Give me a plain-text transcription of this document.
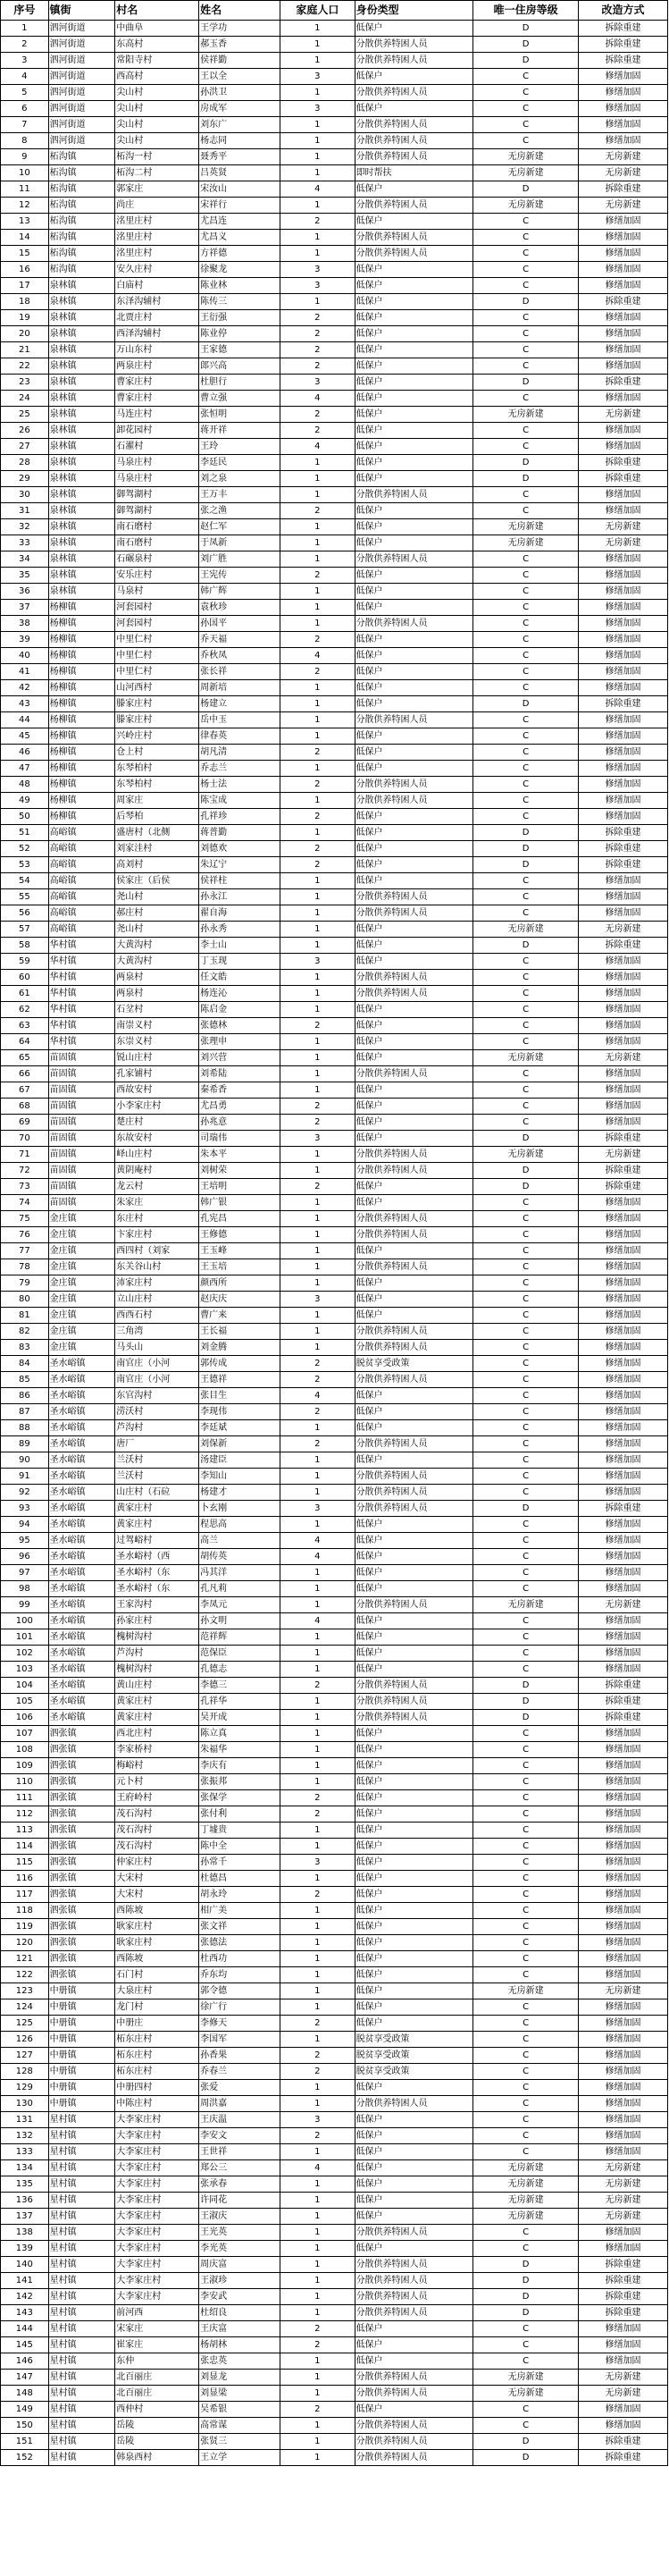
序号	镇街	村名	姓名	家庭人口	身份类型	唯一住房等级	改造方式
1	泗河街道	中曲阜	王学功	1	低保户	D	拆除重建
2	泗河街道	东高村	郝玉香	1	分散供养特困人员	D	拆除重建
3	泗河街道	常阳寺村	侯祥勤	1	分散供养特困人员	D	拆除重建
4	泗河街道	西高村	王以全	3	低保户	C	修缮加固
5	泗河街道	尖山村	孙洪卫	1	分散供养特困人员	C	修缮加固
6	泗河街道	尖山村	房成军	3	低保户	C	修缮加固
7	泗河街道	尖山村	刘东广	1	分散供养特困人员	C	修缮加固
8	泗河街道	尖山村	杨志同	1	分散供养特困人员	C	修缮加固
9	柘沟镇	柘沟一村	聂秀平	1	分散供养特困人员	无房新建	无房新建
10	柘沟镇	柘沟二村	吕英贤	1	即时帮扶	无房新建	无房新建
11	柘沟镇	郭家庄	宋汝山	4	低保户	D	拆除重建
12	柘沟镇	尚庄	宋祥行	1	分散供养特困人员	无房新建	无房新建
13	柘沟镇	洺里庄村	尤昌连	2	低保户	C	修缮加固
14	柘沟镇	洺里庄村	尤昌义	1	分散供养特困人员	C	修缮加固
15	柘沟镇	洺里庄村	方祥德	1	分散供养特困人员	C	修缮加固
16	柘沟镇	安久庄村	徐聚龙	3	低保户	C	修缮加固
17	泉林镇	白庙村	陈业林	3	低保户	C	修缮加固
18	泉林镇	东泽沟辅村	陈传三	1	低保户	D	拆除重建
19	泉林镇	北贾庄村	王衍强	2	低保户	C	修缮加固
20	泉林镇	西泽沟辅村	陈业停	2	低保户	C	修缮加固
21	泉林镇	万山东村	王家德	2	低保户	C	修缮加固
22	泉林镇	两泉庄村	郎兴高	2	低保户	C	修缮加固
23	泉林镇	曹家庄村	杜胆行	3	低保户	D	拆除重建
24	泉林镇	曹家庄村	曹立强	4	低保户	C	修缮加固
25	泉林镇	马连庄村	张恒明	2	低保户	无房新建	无房新建
26	泉林镇	卸花园村	蒋开祥	2	低保户	C	修缮加固
27	泉林镇	石濯村	王玲	4	低保户	C	修缮加固
28	泉林镇	马泉庄村	李廷民	1	低保户	D	拆除重建
29	泉林镇	马泉庄村	刘之泉	1	低保户	D	拆除重建
30	泉林镇	御驾湖村	王万丰	1	分散供养特困人员	C	修缮加固
31	泉林镇	御驾湖村	张之渔	2	低保户	C	修缮加固
32	泉林镇	南石磨村	赵仁军	1	低保户	无房新建	无房新建
33	泉林镇	南石磨村	于凤新	1	低保户	无房新建	无房新建
34	泉林镇	石碾泉村	刘广胜	1	分散供养特困人员	C	修缮加固
35	泉林镇	安乐庄村	王宪传	2	低保户	C	修缮加固
36	泉林镇	马泉村	韩广辉	1	低保户	C	修缮加固
37	杨柳镇	河套园村	袁秋珍	1	低保户	C	修缮加固
38	杨柳镇	河套园村	孙国平	1	分散供养特困人员	C	修缮加固
39	杨柳镇	中里仁村	乔天福	2	低保户	C	修缮加固
40	杨柳镇	中里仁村	乔秋凤	4	低保户	C	修缮加固
41	杨柳镇	中里仁村	张长祥	2	低保户	C	修缮加固
42	杨柳镇	山河西村	周新培	1	低保户	C	修缮加固
43	杨柳镇	滕家庄村	杨建立	1	低保户	D	拆除重建
44	杨柳镇	滕家庄村	岳中玉	1	分散供养特困人员	C	修缮加固
45	杨柳镇	兴岭庄村	律春英	1	低保户	C	修缮加固
46	杨柳镇	仓上村	胡凡清	2	低保户	C	修缮加固
47	杨柳镇	东琴柏村	乔志兰	1	低保户	C	修缮加固
48	杨柳镇	东琴柏村	杨士法	2	分散供养特困人员	C	修缮加固
49	杨柳镇	周家庄	陈宝成	1	分散供养特困人员	C	修缮加固
50	杨柳镇	后琴柏	孔祥珍	2	低保户	C	修缮加固
51	高峪镇	盛唐村（北侧	蒋普勤	1	低保户	D	拆除重建
52	高峪镇	刘家洼村	刘德欢	2	低保户	D	拆除重建
53	高峪镇	高刘村	朱辽宁	2	低保户	D	拆除重建
54	高峪镇	侯家庄（后侯	侯祥柱	1	低保户	C	修缮加固
55	高峪镇	尧山村	孙永江	1	分散供养特困人员	C	修缮加固
56	高峪镇	郝庄村	翟自海	1	分散供养特困人员	C	修缮加固
57	高峪镇	尧山村	孙永秀	1	低保户	无房新建	无房新建
58	华村镇	大黄沟村	李士山	1	低保户	D	拆除重建
59	华村镇	大黄沟村	丁玉现	3	低保户	C	修缮加固
60	华村镇	两泉村	任文皓	1	分散供养特困人员	C	修缮加固
61	华村镇	两泉村	杨连沁	1	分散供养特困人员	C	修缮加固
62	华村镇	石坌村	陈启金	1	低保户	C	修缮加固
63	华村镇	南崇义村	张德林	2	低保户	C	修缮加固
64	华村镇	东崇义村	张理申	1	低保户	C	修缮加固
65	苗固镇	锐山庄村	刘兴营	1	低保户	无房新建	无房新建
66	苗固镇	孔家铺村	刘希陆	1	分散供养特困人员	C	修缮加固
67	苗固镇	西故安村	秦希香	1	低保户	C	修缮加固
68	苗固镇	小李家庄村	尤昌勇	2	低保户	C	修缮加固
69	苗固镇	楚庄村	孙兆意	2	低保户	C	修缮加固
70	苗固镇	东故安村	司瑞伟	3	低保户	D	拆除重建
71	苗固镇	峄山庄村	朱本平	1	分散供养特困人员	无房新建	无房新建
72	苗固镇	黄阴庵村	刘树荣	1	分散供养特困人员	D	拆除重建
73	苗固镇	龙云村	王培明	2	低保户	D	拆除重建
74	苗固镇	朱家庄	韩广银	1	低保户	C	修缮加固
75	金庄镇	东庄村	孔宪昌	1	分散供养特困人员	C	修缮加固
76	金庄镇	卞家庄村	王修德	1	分散供养特困人员	C	修缮加固
77	金庄镇	西四村（刘家	王玉峰	1	低保户	C	修缮加固
78	金庄镇	东关谷山村	王玉培	1	分散供养特困人员	C	修缮加固
79	金庄镇	沛家庄村	颜西所	1	低保户	C	修缮加固
80	金庄镇	立山庄村	赵庆庆	3	低保户	C	修缮加固
81	金庄镇	西西石村	曹广来	1	低保户	C	修缮加固
82	金庄镇	三角湾	王长福	1	分散供养特困人员	C	修缮加固
83	金庄镇	马头山	刘金腾	1	分散供养特困人员	C	修缮加固
84	圣水峪镇	南官庄（小河	郭传成	2	脱贫享受政策	C	修缮加固
85	圣水峪镇	南官庄（小河	王德祥	2	分散供养特困人员	C	修缮加固
86	圣水峪镇	东官沟村	张目生	4	低保户	C	修缮加固
87	圣水峪镇	涝沃村	李现伟	2	低保户	C	修缮加固
88	圣水峪镇	芦沟村	李廷斌	1	低保户	C	修缮加固
89	圣水峪镇	唐厂	刘保新	2	分散供养特困人员	C	修缮加固
90	圣水峪镇	兰沃村	汤建臣	1	低保户	C	修缮加固
91	圣水峪镇	兰沃村	李知山	1	分散供养特困人员	C	修缮加固
92	圣水峪镇	山庄村（石砬	杨建才	1	分散供养特困人员	C	修缮加固
93	圣水峪镇	黄家庄村	卜玄刚	3	分散供养特困人员	D	拆除重建
94	圣水峪镇	黄家庄村	程思高	1	低保户	C	修缮加固
95	圣水峪镇	过驾峪村	高兰	4	低保户	C	修缮加固
96	圣水峪镇	圣水峪村（西	胡传英	4	低保户	C	修缮加固
97	圣水峪镇	圣水峪村（东	冯其洋	1	低保户	C	修缮加固
98	圣水峪镇	圣水峪村（东	孔凡莉	1	低保户	C	修缮加固
99	圣水峪镇	王家沟村	李凤元	1	分散供养特困人员	无房新建	无房新建
100	圣水峪镇	孙家庄村	孙文明	4	低保户	C	修缮加固
101	圣水峪镇	槐树沟村	范祥辉	1	低保户	C	修缮加固
102	圣水峪镇	芦沟村	范保臣	1	低保户	C	修缮加固
103	圣水峪镇	槐树沟村	孔德志	1	低保户	C	修缮加固
104	圣水峪镇	黄山庄村	李德三	2	分散供养特困人员	D	拆除重建
105	圣水峪镇	黄家庄村	孔祥华	1	分散供养特困人员	D	拆除重建
106	圣水峪镇	黄家庄村	吴开成	1	分散供养特困人员	D	拆除重建
107	泗张镇	西北庄村	陈立真	1	低保户	C	修缮加固
108	泗张镇	李家桥村	朱福华	1	低保户	C	修缮加固
109	泗张镇	梅峪村	李庆有	1	低保户	C	修缮加固
110	泗张镇	元卜村	张振邦	1	低保户	C	修缮加固
111	泗张镇	王府岭村	张保学	2	低保户	C	修缮加固
112	泗张镇	茂石沟村	张付利	2	低保户	C	修缮加固
113	泗张镇	茂石沟村	丁墟贵	1	低保户	C	修缮加固
114	泗张镇	茂石沟村	陈中全	1	低保户	C	修缮加固
115	泗张镇	仲家庄村	孙常千	3	低保户	C	修缮加固
116	泗张镇	大宋村	杜德昌	1	低保户	C	修缮加固
117	泗张镇	大宋村	胡永玲	2	低保户	C	修缮加固
118	泗张镇	西陈坡	相广美	1	低保户	C	修缮加固
119	泗张镇	耿家庄村	张文祥	1	低保户	C	修缮加固
120	泗张镇	耿家庄村	张德法	1	低保户	C	修缮加固
121	泗张镇	西陈坡	杜西功	1	低保户	C	修缮加固
122	泗张镇	石门村	乔东均	1	低保户	C	修缮加固
123	中册镇	大泉庄村	郭令德	1	低保户	无房新建	无房新建
124	中册镇	龙门村	徐广行	1	低保户	C	修缮加固
125	中册镇	中册庄	李修天	2	低保户	C	修缮加固
126	中册镇	柘东庄村	李国军	1	脱贫享受政策	C	修缮加固
127	中册镇	柘东庄村	孙香果	2	脱贫享受政策	C	修缮加固
128	中册镇	柘东庄村	乔春兰	2	脱贫享受政策	C	修缮加固
129	中册镇	中册四村	张爱	1	低保户	C	修缮加固
130	中册镇	中陈庄村	周洪嘉	1	分散供养特困人员	C	修缮加固
131	星村镇	大李家庄村	王庆温	3	低保户	C	修缮加固
132	星村镇	大李家庄村	李安文	2	低保户	C	修缮加固
133	星村镇	大李家庄村	王世祥	1	低保户	C	修缮加固
134	星村镇	大李家庄村	郑公三	4	低保户	无房新建	无房新建
135	星村镇	大李家庄村	张承春	1	低保户	无房新建	无房新建
136	星村镇	大李家庄村	许同花	1	低保户	无房新建	无房新建
137	星村镇	大李家庄村	王淑庆	1	低保户	无房新建	无房新建
138	星村镇	大李家庄村	王光英	1	分散供养特困人员	C	修缮加固
139	星村镇	大李家庄村	李光英	1	低保户	C	修缮加固
140	星村镇	大李家庄村	周庆富	1	分散供养特困人员	D	拆除重建
141	星村镇	大李家庄村	王淑珍	1	分散供养特困人员	D	拆除重建
142	星村镇	大李家庄村	李安武	1	分散供养特困人员	D	拆除重建
143	星村镇	前河西	杜绍良	1	分散供养特困人员	D	拆除重建
144	星村镇	宋家庄	王庆富	2	低保户	C	修缮加固
145	星村镇	崔家庄	杨胡林	2	低保户	C	修缮加固
146	星村镇	东仲	张忠英	1	低保户	C	修缮加固
147	星村镇	北百丽庄	刘显龙	1	分散供养特困人员	无房新建	无房新建
148	星村镇	北百丽庄	刘显梁	1	分散供养特困人员	无房新建	无房新建
149	星村镇	西仲村	吴希银	2	低保户	C	修缮加固
150	星村镇	岳陵	高常谋	1	分散供养特困人员	C	修缮加固
151	星村镇	岳陵	张贤三	1	分散供养特困人员	D	拆除重建
152	星村镇	韩泉西村	王立学	1	分散供养特困人员	D	拆除重建
